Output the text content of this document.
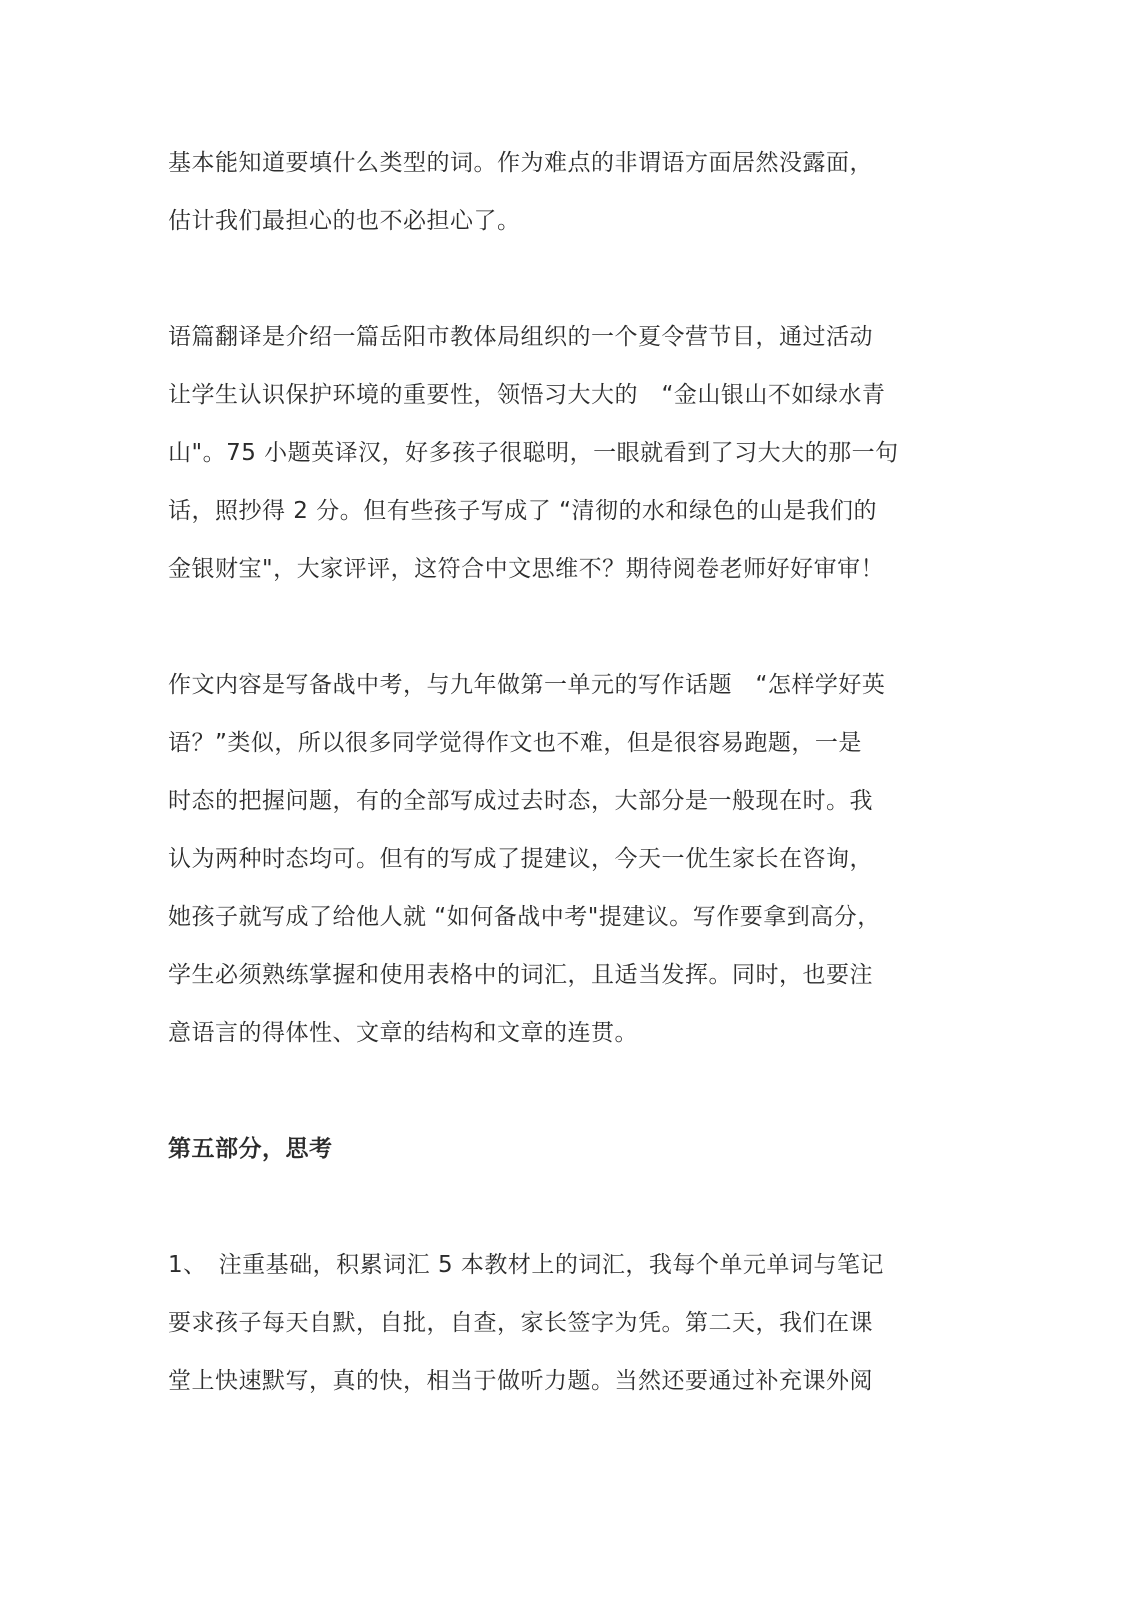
基本能知道要填什么类型的词。作为难点的非谓语方面居然没露面，
估计我们最担心的也不必担心了。
语篇翻译是介绍一篇岳阳市教体局组织的一个夏令营节目，通过活动
让学生认识保护环境的重要性，领悟习大大的　“金山银山不如绿水青
山"。75 小题英译汉，好多孩子很聪明，一眼就看到了习大大的那一句
话，照抄得 2 分。但有些孩子写成了 “清彻的水和绿色的山是我们的
金银财宝"，大家评评，这符合中文思维不？期待阅卷老师好好审审！
作文内容是写备战中考，与九年做第一单元的写作话题　“怎样学好英
语？”类似，所以很多同学觉得作文也不难，但是很容易跑题，一是
时态的把握问题，有的全部写成过去时态，大部分是一般现在时。我
认为两种时态均可。但有的写成了提建议，今天一优生家长在咨询，
她孩子就写成了给他人就 “如何备战中考"提建议。写作要拿到高分，
学生必须熟练掌握和使用表格中的词汇，且适当发挥。同时，也要注
意语言的得体性、文章的结构和文章的连贯。
第五部分，思考
1、　注重基础，积累词汇 5 本教材上的词汇，我每个单元单词与笔记
要求孩子每天自默，自批，自查，家长签字为凭。第二天，我们在课
堂上快速默写，真的快，相当于做听力题。当然还要通过补充课外阅
